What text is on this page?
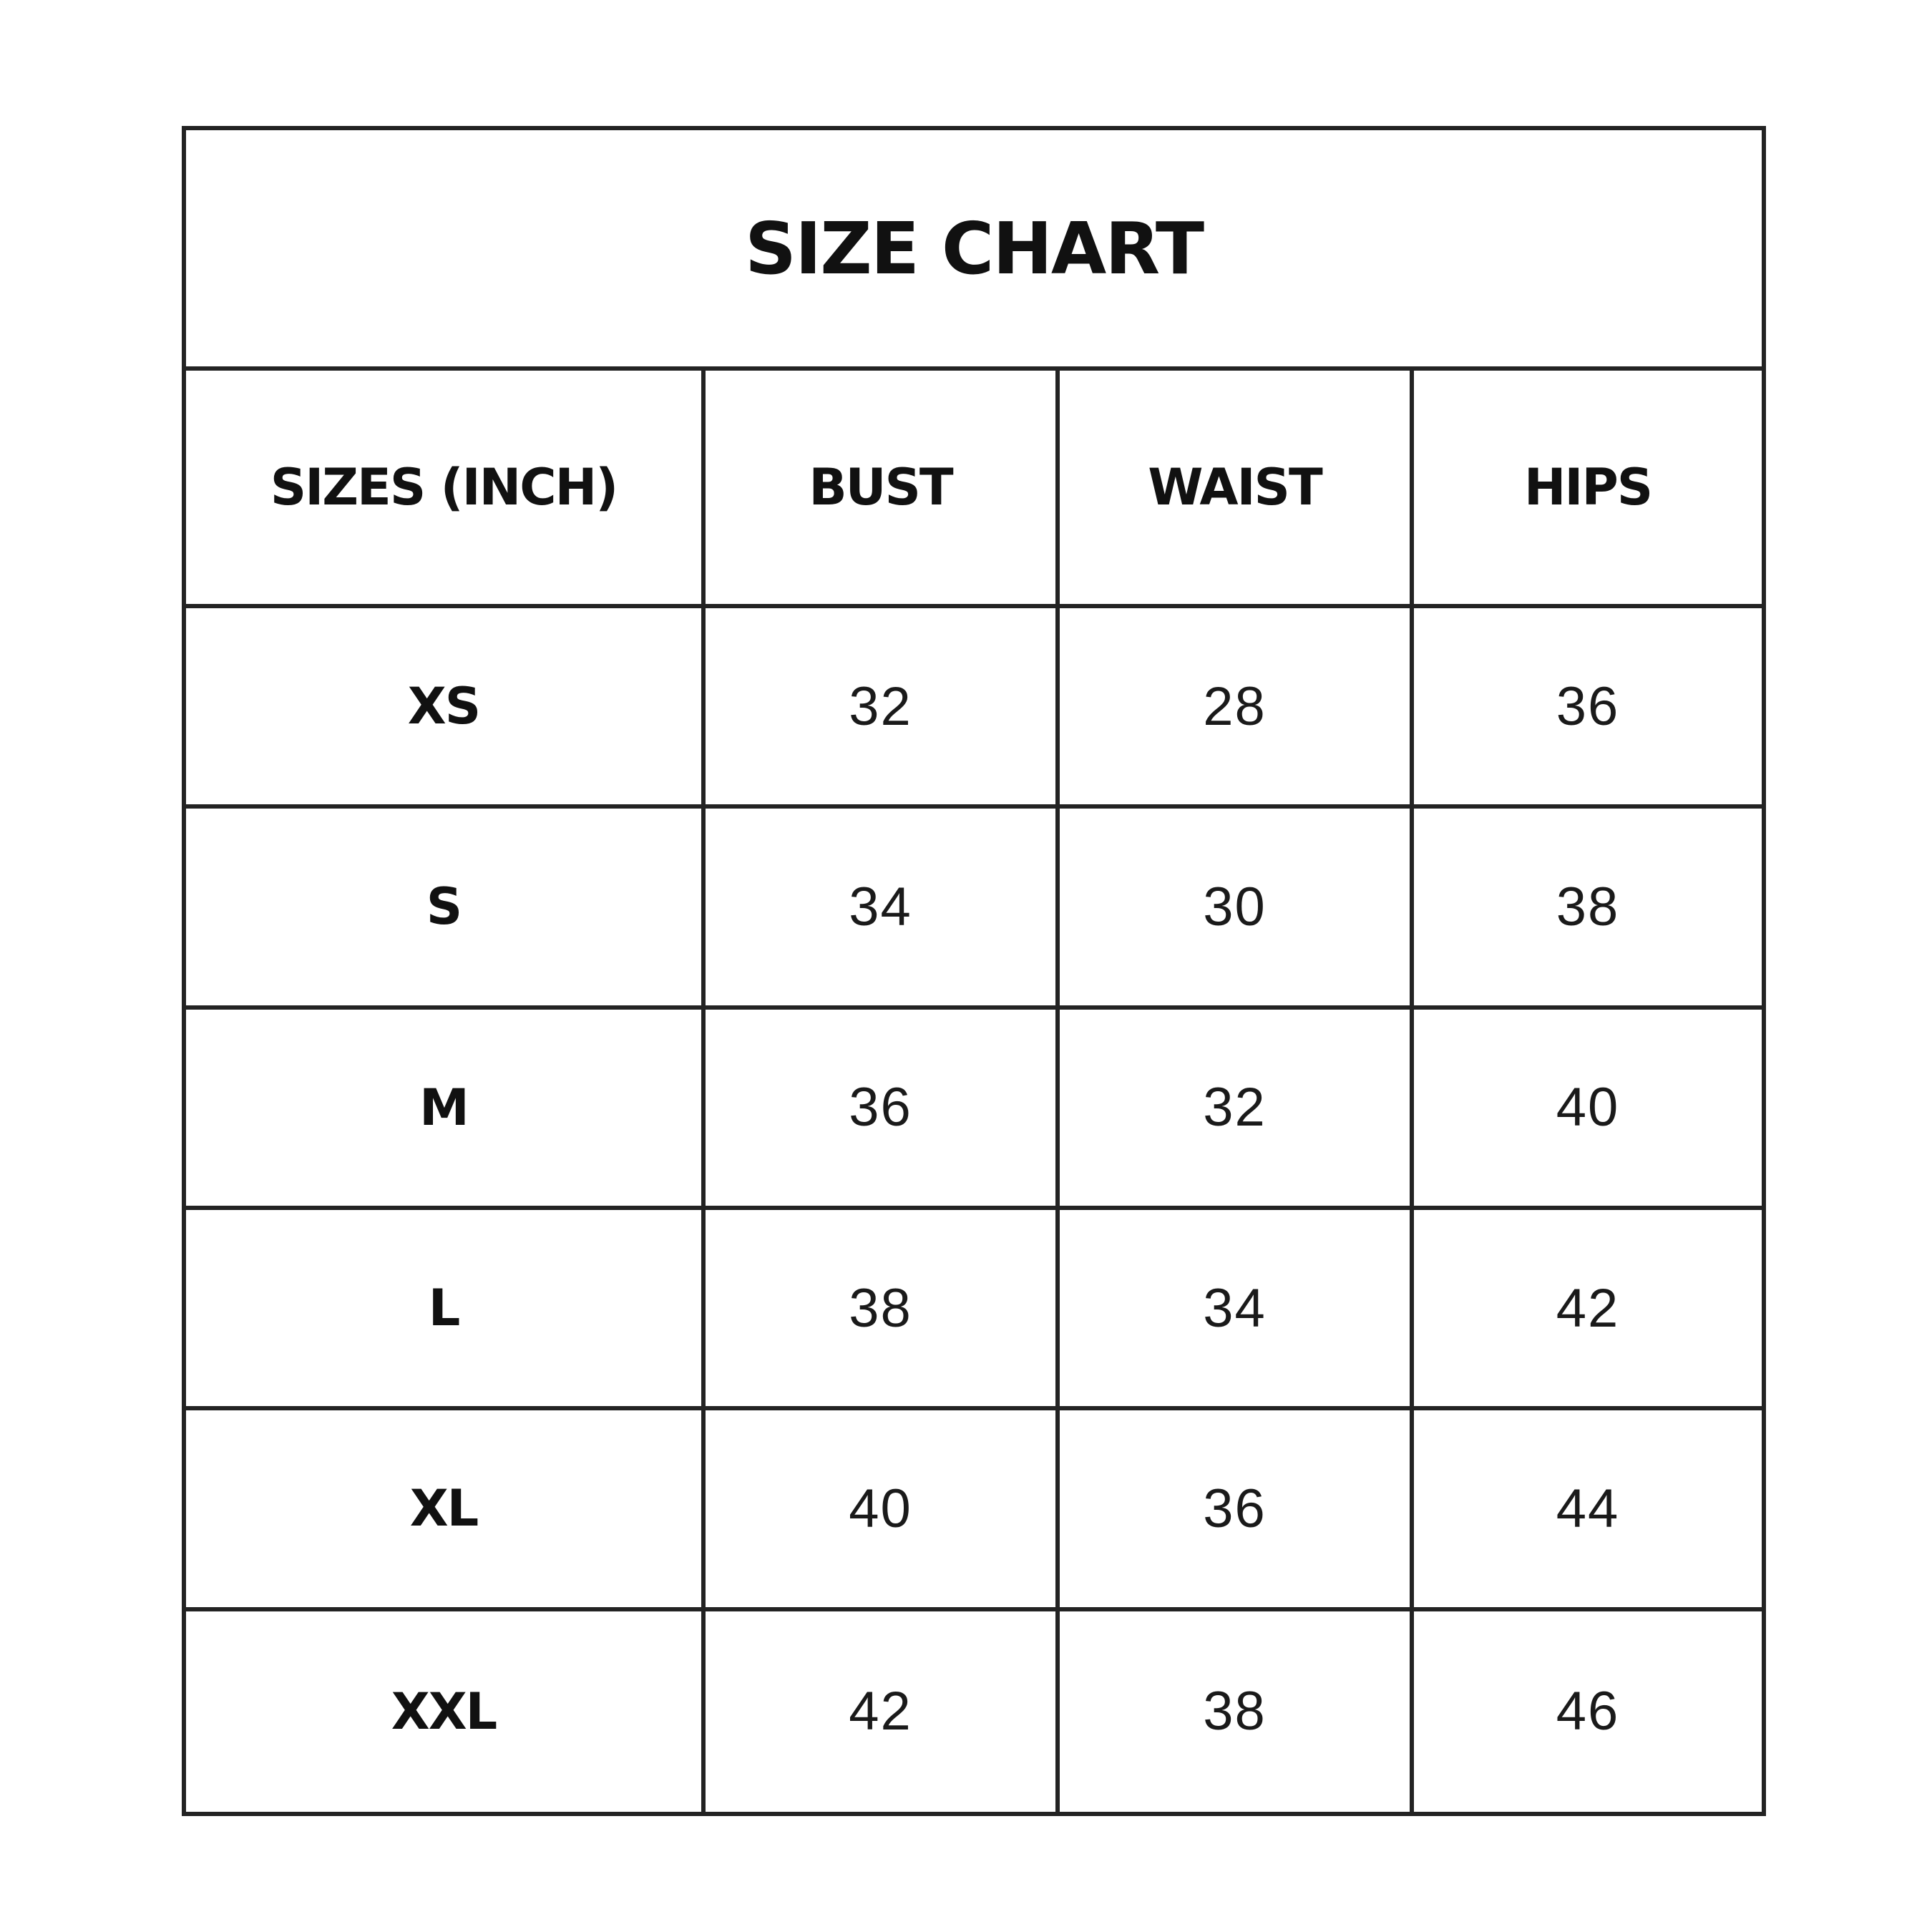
SIZE CHART
SIZES (INCH)	BUST	WAIST	HIPS
XS	32	28	36
S	34	30	38
M	36	32	40
L	38	34	42
XL	40	36	44
XXL	42	38	46
